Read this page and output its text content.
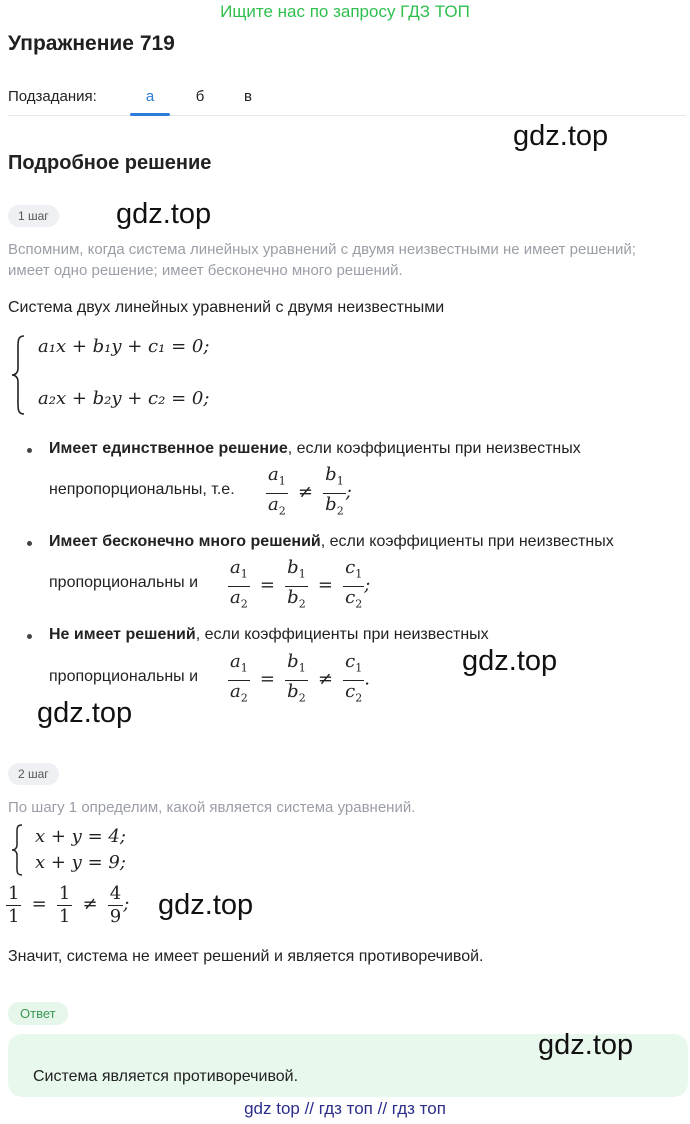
Ищите нас по запросу ГДЗ ТОП
Упражнение 719
Подзадания:	а	б	в
gdz.top
Подробное решение
1 шаг	gdz.top
Вспомним, когда система линейных уравнений с двумя неизвестными не имеет решений; имеет одно решение; имеет бесконечно много решений.
Система двух линейных уравнений с двумя неизвестными
a₁x + b₁y + c₁ = 0;
a₂x + b₂y + c₂ = 0;
Имеет единственное решение, если коэффициенты при неизвестных
непропорциональны, т.е. $\frac{a_1}{a_2} \ne \frac{b_1}{b_2}$ ;
Имеет бесконечно много решений, если коэффициенты при неизвестных
пропорциональны и $\frac{a_1}{a_2} = \frac{b_1}{b_2} = \frac{c_1}{c_2}$ ;
Не имеет решений, если коэффициенты при неизвестных
пропорциональны и $\frac{a_1}{a_2} = \frac{b_1}{b_2} \ne \frac{c_1}{c_2}$ .
gdz.top
gdz.top
2 шаг
По шагу 1 определим, какой является система уравнений.
x + y = 4;
x + y = 9;
$\frac{1}{1} = \frac{1}{1} \ne \frac{4}{9}$ ; gdz.top
Значит, система не имеет решений и является противоречивой.
Ответ
Система является противоречивой.
gdz.top
gdz top // гдз топ // гдз топ
